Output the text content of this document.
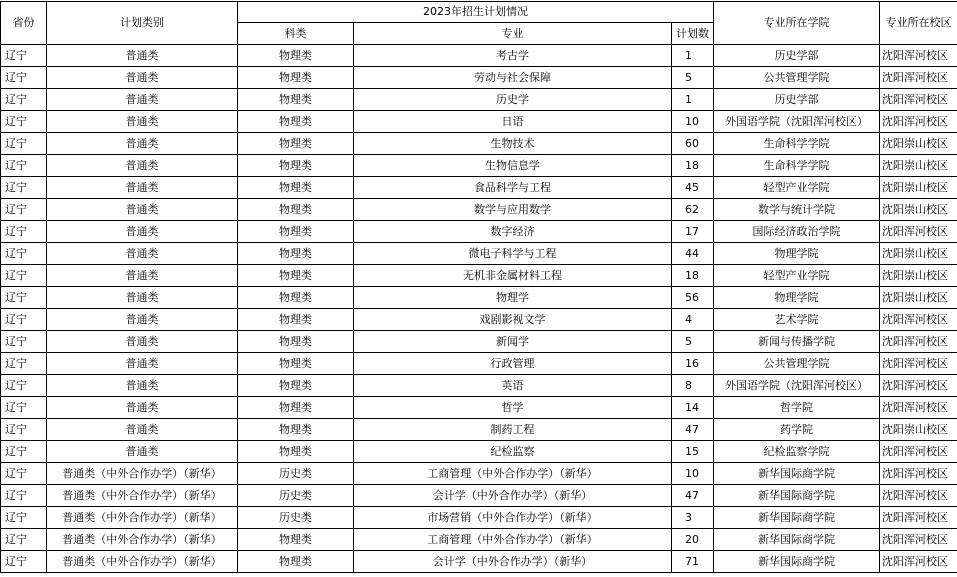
省份	计划类别	2023年招生计划情况			专业所在学院	专业所在校区
		科类	专业	计划数		
辽宁	普通类	物理类	考古学	1	历史学部	沈阳浑河校区
辽宁	普通类	物理类	劳动与社会保障	5	公共管理学院	沈阳浑河校区
辽宁	普通类	物理类	历史学	1	历史学部	沈阳浑河校区
辽宁	普通类	物理类	日语	10	外国语学院（沈阳浑河校区）	沈阳浑河校区
辽宁	普通类	物理类	生物技术	60	生命科学学院	沈阳崇山校区
辽宁	普通类	物理类	生物信息学	18	生命科学学院	沈阳崇山校区
辽宁	普通类	物理类	食品科学与工程	45	轻型产业学院	沈阳崇山校区
辽宁	普通类	物理类	数学与应用数学	62	数学与统计学院	沈阳崇山校区
辽宁	普通类	物理类	数字经济	17	国际经济政治学院	沈阳浑河校区
辽宁	普通类	物理类	微电子科学与工程	44	物理学院	沈阳崇山校区
辽宁	普通类	物理类	无机非金属材料工程	18	轻型产业学院	沈阳崇山校区
辽宁	普通类	物理类	物理学	56	物理学院	沈阳崇山校区
辽宁	普通类	物理类	戏剧影视文学	4	艺术学院	沈阳浑河校区
辽宁	普通类	物理类	新闻学	5	新闻与传播学院	沈阳浑河校区
辽宁	普通类	物理类	行政管理	16	公共管理学院	沈阳浑河校区
辽宁	普通类	物理类	英语	8	外国语学院（沈阳浑河校区）	沈阳浑河校区
辽宁	普通类	物理类	哲学	14	哲学院	沈阳浑河校区
辽宁	普通类	物理类	制药工程	47	药学院	沈阳崇山校区
辽宁	普通类	物理类	纪检监察	15	纪检监察学院	沈阳浑河校区
辽宁	普通类（中外合作办学）（新华）	历史类	工商管理（中外合作办学）（新华）	10	新华国际商学院	沈阳浑河校区
辽宁	普通类（中外合作办学）（新华）	历史类	会计学（中外合作办学）（新华）	47	新华国际商学院	沈阳浑河校区
辽宁	普通类（中外合作办学）（新华）	历史类	市场营销（中外合作办学）（新华）	3	新华国际商学院	沈阳浑河校区
辽宁	普通类（中外合作办学）（新华）	物理类	工商管理（中外合作办学）（新华）	20	新华国际商学院	沈阳浑河校区
辽宁	普通类（中外合作办学）（新华）	物理类	会计学（中外合作办学）（新华）	71	新华国际商学院	沈阳浑河校区
